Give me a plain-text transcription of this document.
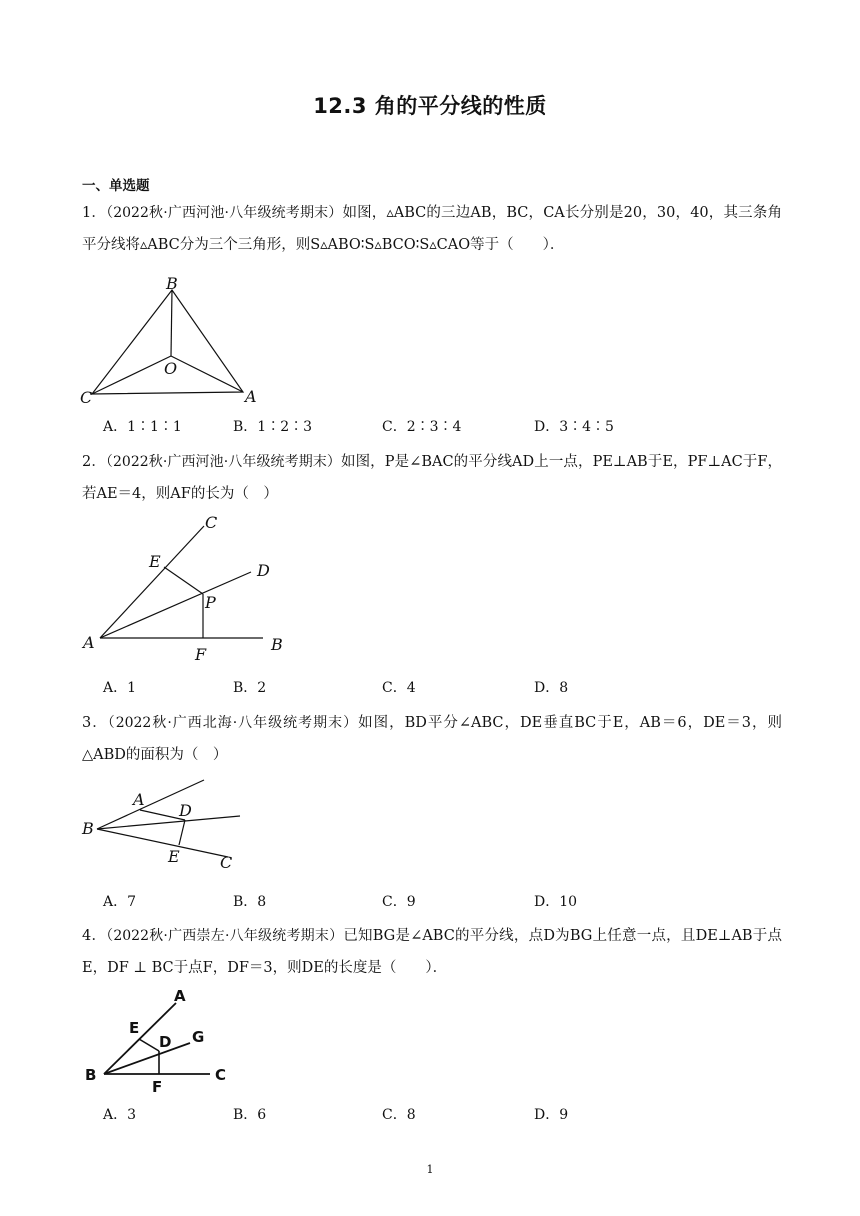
12.3 角的平分线的性质
一、单选题
1．（2022秋·广西河池·八年级统考期末）如图，▵ABC的三边AB，BC，CA长分别是20，30，40，其三条角平分线将▵ABC分为三个三角形，则S▵ABO∶S▵BCO∶S▵CAO等于（　　）．
B
O
C	A
A．1∶1∶1	B．1∶2∶3	C．2∶3∶4	D．3∶4∶5
2．（2022秋·广西河池·八年级统考期末）如图，P是∠BAC的平分线AD上一点，PE⊥AB于E，PF⊥AC于F，若AE＝4，则AF的长为（　）
C
E	D
P
A
F
B
A．1	B．2	C．4	D．8
3．（2022秋·广西北海·八年级统考期末）如图，BD平分∠ABC，DE垂直BC于E，AB＝6，DE＝3，则△ABD的面积为（　）
A
D
B
E	C
A．7	B．8	C．9	D．10
4．（2022秋·广西崇左·八年级统考期末）已知BG是∠ABC的平分线，点D为BG上任意一点，且DE⊥AB于点E，DF ⊥ BC于点F，DF＝3，则DE的长度是（　　）．
A
E
D G
B
F
C
A．3	B．6	C．8	D．9
1
